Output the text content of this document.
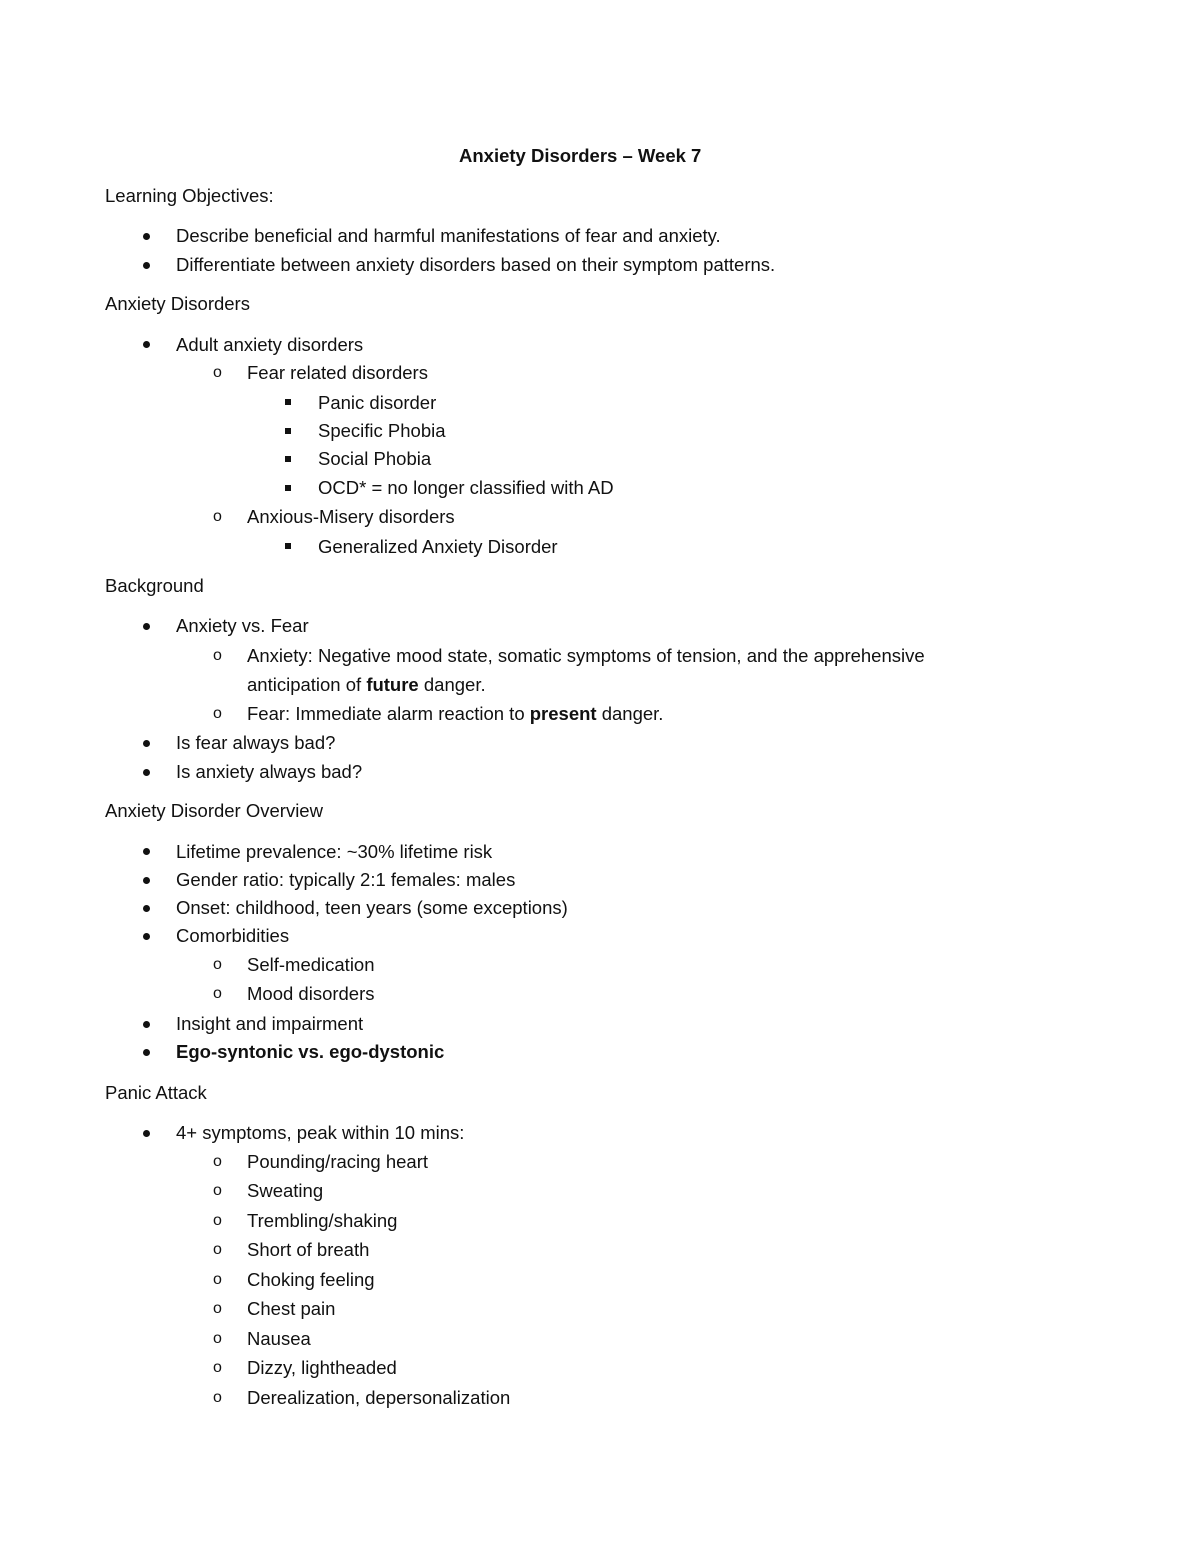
Anxiety Disorders – Week 7
Learning Objectives:
Describe beneficial and harmful manifestations of fear and anxiety.
Differentiate between anxiety disorders based on their symptom patterns.
Anxiety Disorders
Adult anxiety disorders
o Fear related disorders
Panic disorder
Specific Phobia
Social Phobia
OCD* = no longer classified with AD
o Anxious-Misery disorders
Generalized Anxiety Disorder
Background
Anxiety vs. Fear
o Anxiety: Negative mood state, somatic symptoms of tension, and the apprehensive
anticipation of future danger.
o Fear: Immediate alarm reaction to present danger.
Is fear always bad?
Is anxiety always bad?
Anxiety Disorder Overview
Lifetime prevalence: ~30% lifetime risk
Gender ratio: typically 2:1 females: males
Onset: childhood, teen years (some exceptions)
Comorbidities
o Self-medication
o Mood disorders
Insight and impairment
Ego-syntonic vs. ego-dystonic
Panic Attack
4+ symptoms, peak within 10 mins:
o Pounding/racing heart
o Sweating
o Trembling/shaking
o Short of breath
o Choking feeling
o Chest pain
o Nausea
o Dizzy, lightheaded
o Derealization, depersonalization
